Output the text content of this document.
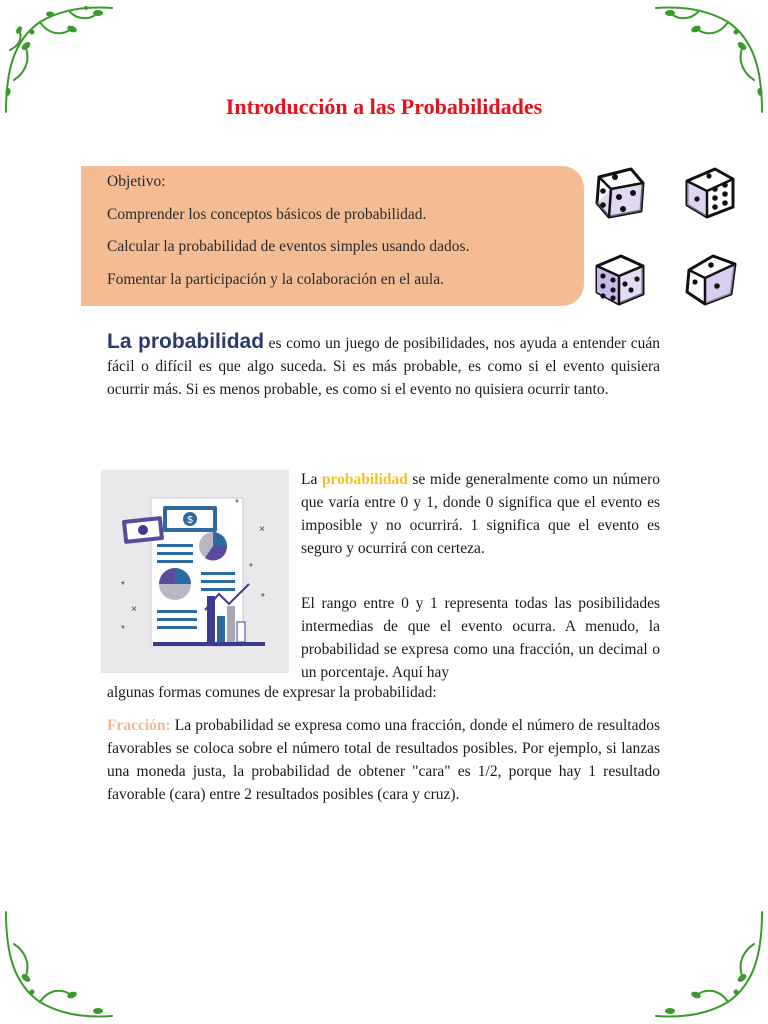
Introducción a las Probabilidades
Objetivo:
Comprender los conceptos básicos de probabilidad.
Calcular la probabilidad de eventos simples usando dados.
Fomentar la participación y la colaboración en el aula.

La probabilidad es como un juego de posibilidades, nos ayuda a entender cuán fácil o difícil es que algo suceda. Si es más probable, es como si el evento quisiera ocurrir más. Si es menos probable, es como si el evento no quisiera ocurrir tanto.

$
*
×
*
*
×
*
*

La probabilidad se mide generalmente como un número que varía entre 0 y 1, donde 0 significa que el evento es imposible y no ocurrirá. 1 significa que el evento es seguro y ocurrirá con certeza.

El rango entre 0 y 1 representa todas las posibilidades intermedias de que el evento ocurra. A menudo, la probabilidad se expresa como una fracción, un decimal o un porcentaje. Aquí hay

algunas formas comunes de expresar la probabilidad:

Fracción: La probabilidad se expresa como una fracción, donde el número de resultados favorables se coloca sobre el número total de resultados posibles. Por ejemplo, si lanzas una moneda justa, la probabilidad de obtener "cara" es 1/2, porque hay 1 resultado favorable (cara) entre 2 resultados posibles (cara y cruz).
